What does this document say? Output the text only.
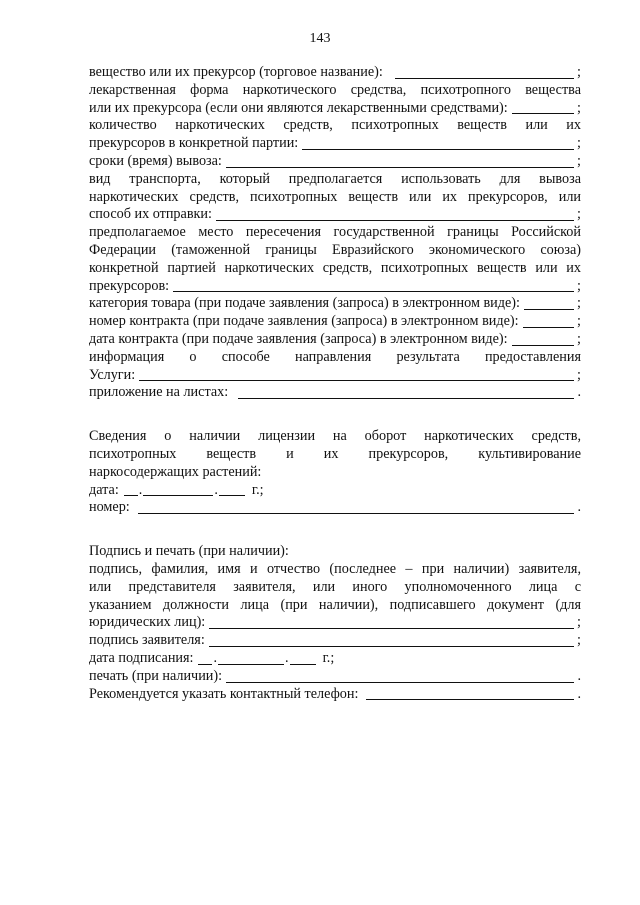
143
вещество или их прекурсор (торговое название):	;
лекарственная форма наркотического средства, психотропного вещества
или их прекурсора (если они являются лекарственными средствами):	;
количество наркотических средств, психотропных веществ или их
прекурсоров в конкретной партии:	;
сроки (время) вывоза:	;
вид транспорта, который предполагается использовать для вывоза
наркотических средств, психотропных веществ или их прекурсоров, или
способ их отправки:	;
предполагаемое место пересечения государственной границы Российской
Федерации (таможенной границы Евразийского экономического союза)
конкретной партией наркотических средств, психотропных веществ или их
прекурсоров:	;
категория товара (при подаче заявления (запроса) в электронном виде):	;
номер контракта (при подаче заявления (запроса) в электронном виде):	;
дата контракта (при подаче заявления (запроса) в электронном виде):	;
информация о способе направления результата предоставления
Услуги:	;
приложение на листах:	.
Сведения о наличии лицензии на оборот наркотических средств,
психотропных веществ и их прекурсоров, культивирование
наркосодержащих растений:
дата: .	. г.;
номер:	.
Подпись и печать (при наличии):
подпись, фамилия, имя и отчество (последнее – при наличии) заявителя,
или представителя заявителя, или иного уполномоченного лица с
указанием должности лица (при наличии), подписавшего документ (для
юридических лиц):	;
подпись заявителя:	;
дата подписания: .	. г.;
печать (при наличии):	.
Рекомендуется указать контактный телефон:	.
